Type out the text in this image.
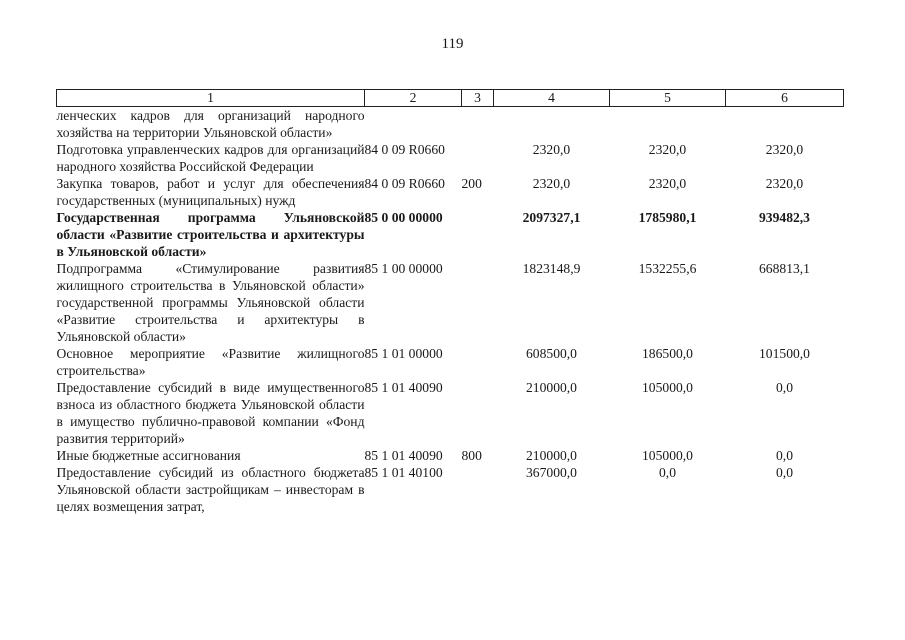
119
1	2	3	4	5	6
ленческих кадров для организаций народного хозяйства на территории Ульяновской области»					
Подготовка управленческих кадров для организаций народного хозяйства Российской Федерации	84 0 09 R0660		2320,0	2320,0	2320,0
Закупка товаров, работ и услуг для обеспечения государственных (муниципальных) нужд	84 0 09 R0660	200	2320,0	2320,0	2320,0
Государственная программа Ульяновской области «Развитие строительства и архитектуры в Ульяновской области»	85 0 00 00000		2097327,1	1785980,1	939482,3
Подпрограмма «Стимулирование развития жилищного строительства в Ульяновской области» государственной программы Ульяновской области «Развитие строительства и архитектуры в Ульяновской области»	85 1 00 00000		1823148,9	1532255,6	668813,1
Основное мероприятие «Развитие жилищного строительства»	85 1 01 00000		608500,0	186500,0	101500,0
Предоставление субсидий в виде имущественного взноса из областного бюджета Ульяновской области в имущество публично-правовой компании «Фонд развития территорий»	85 1 01 40090		210000,0	105000,0	0,0
Иные бюджетные ассигнования	85 1 01 40090	800	210000,0	105000,0	0,0
Предоставление субсидий из областного бюджета Ульяновской области застройщикам – инвесторам в целях возмещения затрат,	85 1 01 40100		367000,0	0,0	0,0
